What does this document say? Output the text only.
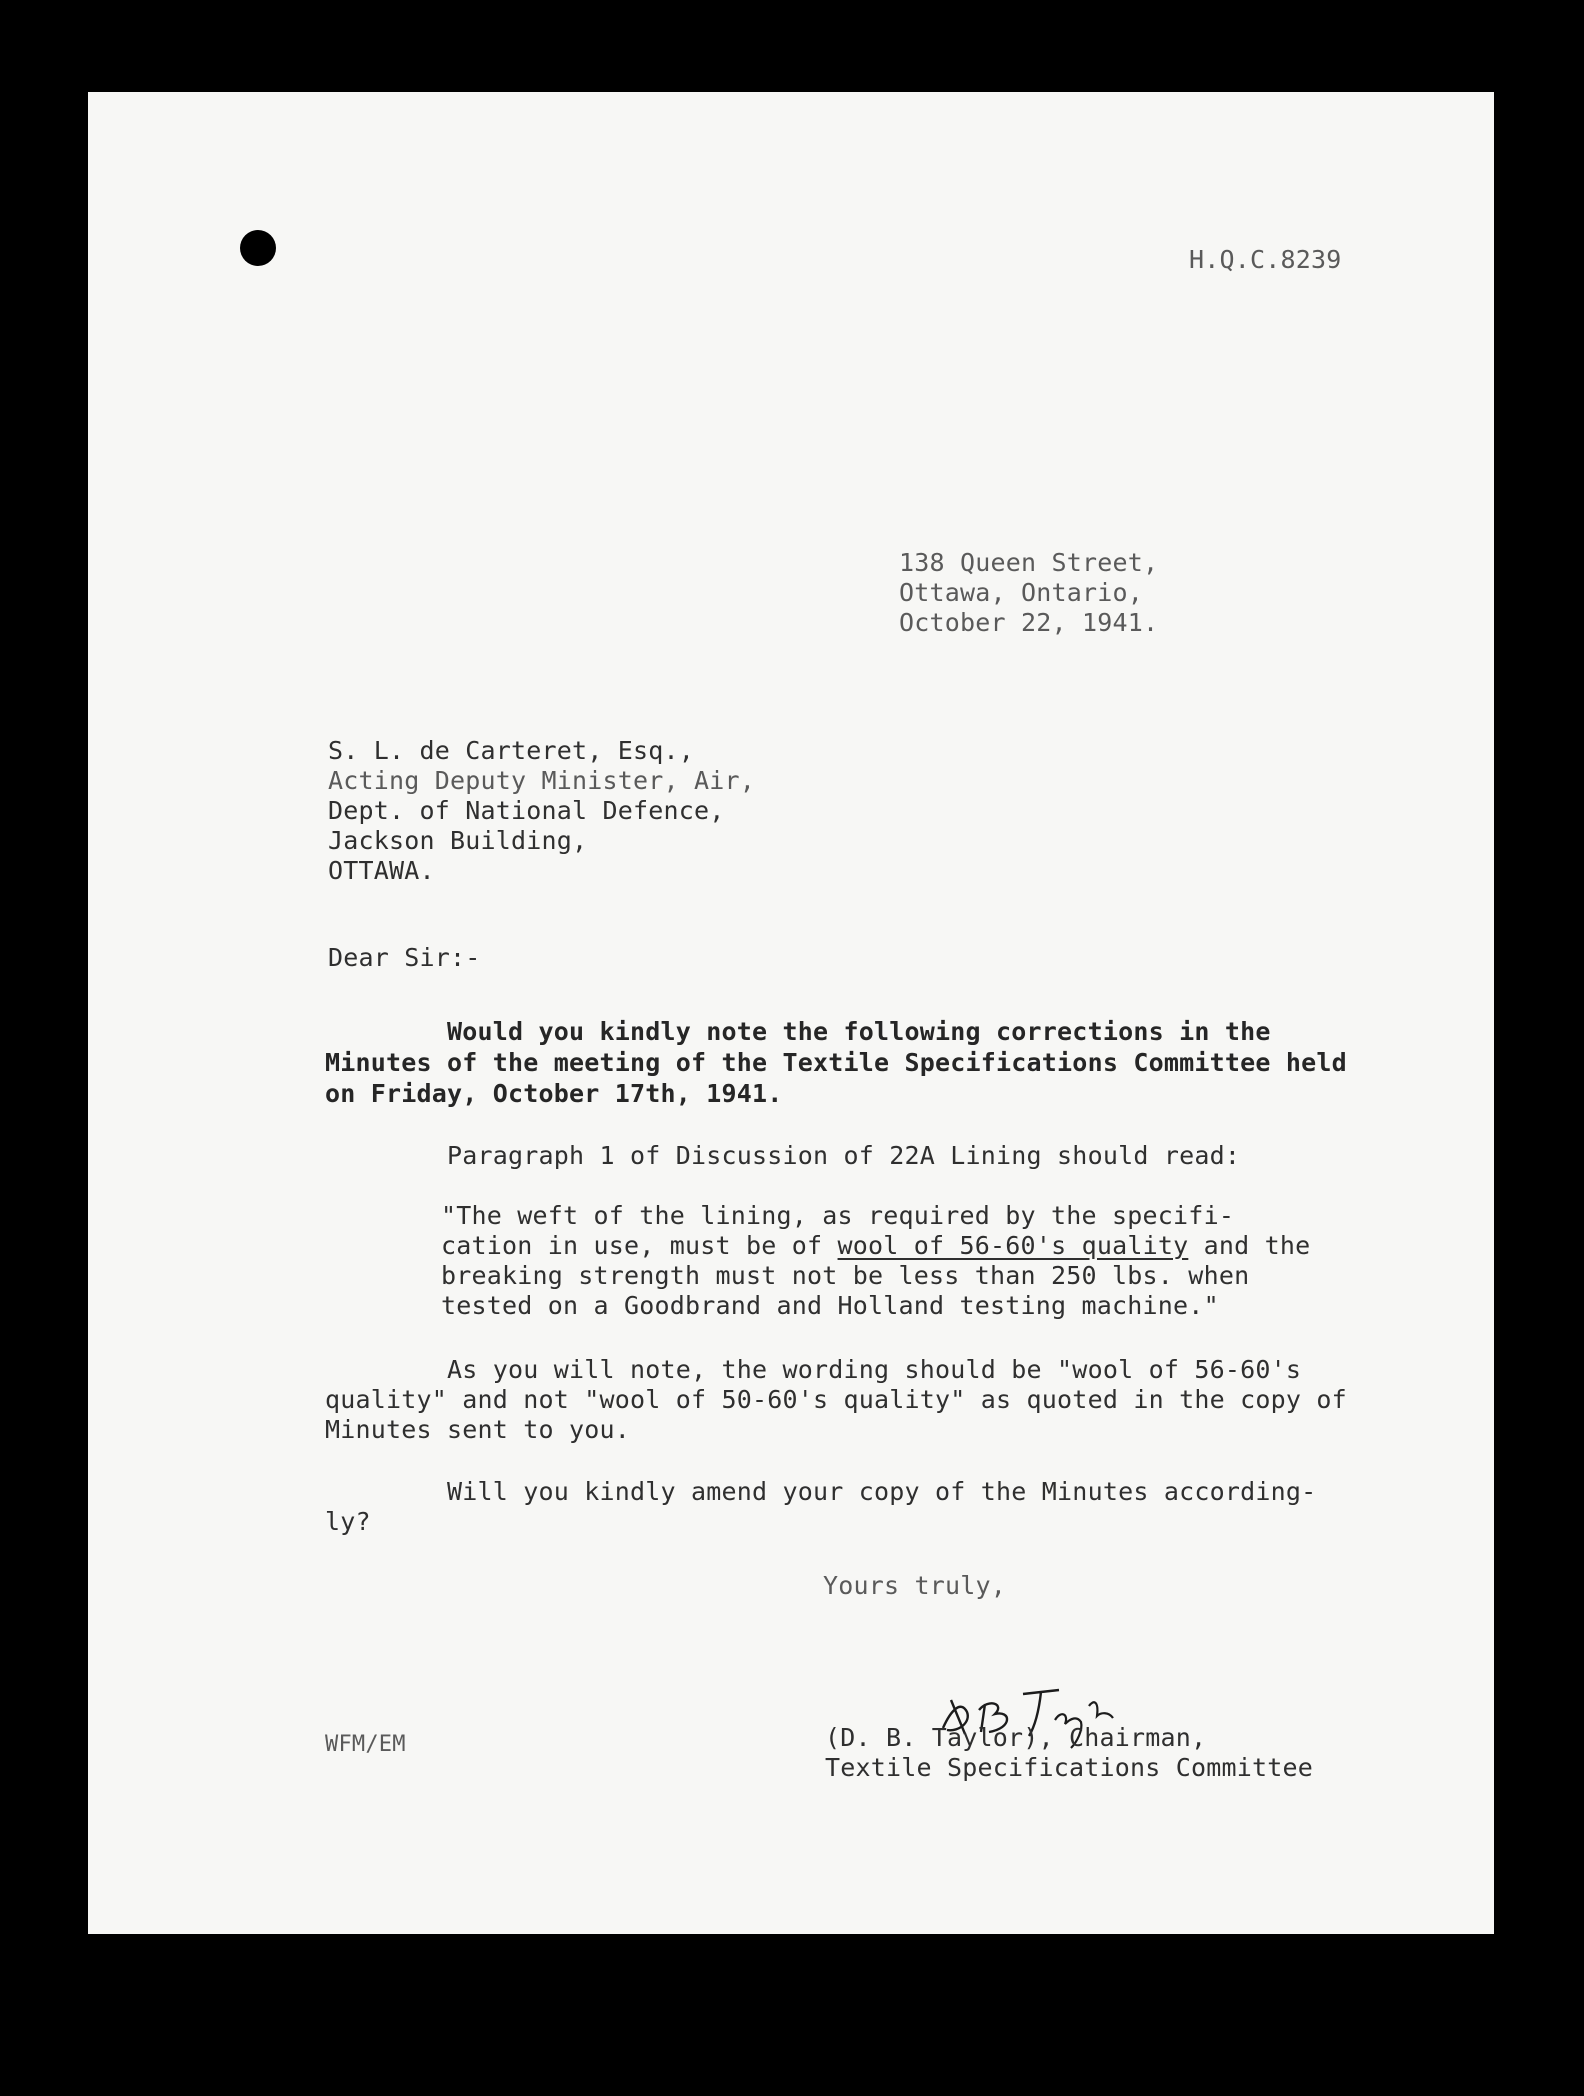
H.Q.C.8239
138 Queen Street,
Ottawa, Ontario,
October 22, 1941.
S. L. de Carteret, Esq.,
Acting Deputy Minister, Air,
Dept. of National Defence,
Jackson Building,
OTTAWA.
Dear Sir:-
Would you kindly note the following corrections in the
Minutes of the meeting of the Textile Specifications Committee held
on Friday, October 17th, 1941.
Paragraph 1 of Discussion of 22A Lining should read:
"The weft of the lining, as required by the specifi-
cation in use, must be of wool of 56-60's quality and the
breaking strength must not be less than 250 lbs. when
tested on a Goodbrand and Holland testing machine."
As you will note, the wording should be "wool of 56-60's
quality" and not "wool of 50-60's quality" as quoted in the copy of
Minutes sent to you.
Will you kindly amend your copy of the Minutes according-
ly?
Yours truly,
(D. B. Taylor), Chairman,
Textile Specifications Committee
WFM/EM
